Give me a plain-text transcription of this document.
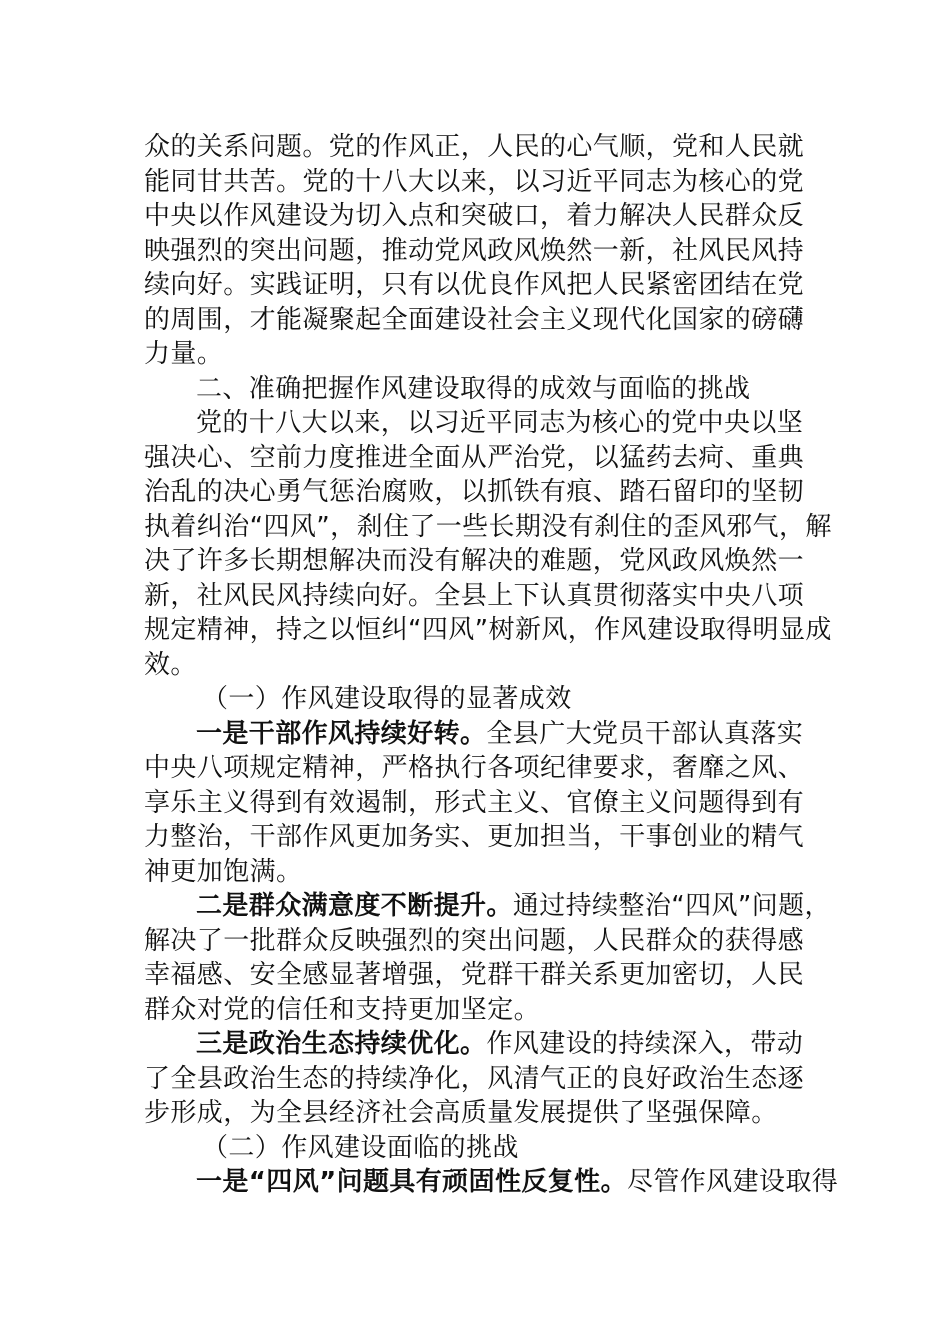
众的关系问题。党的作风正，人民的心气顺，党和人民就
能同甘共苦。党的十八大以来，以习近平同志为核心的党
中央以作风建设为切入点和突破口，着力解决人民群众反
映强烈的突出问题，推动党风政风焕然一新，社风民风持
续向好。实践证明，只有以优良作风把人民紧密团结在党
的周围，才能凝聚起全面建设社会主义现代化国家的磅礴
力量。
二、准确把握作风建设取得的成效与面临的挑战
党的十八大以来，以习近平同志为核心的党中央以坚
强决心、空前力度推进全面从严治党，以猛药去疴、重典
治乱的决心勇气惩治腐败，以抓铁有痕、踏石留印的坚韧
执着纠治“四风”，刹住了一些长期没有刹住的歪风邪气，解
决了许多长期想解决而没有解决的难题，党风政风焕然一
新，社风民风持续向好。全县上下认真贯彻落实中央八项
规定精神，持之以恒纠“四风”树新风，作风建设取得明显成
效。
（一）作风建设取得的显著成效
一是干部作风持续好转。全县广大党员干部认真落实
中央八项规定精神，严格执行各项纪律要求，奢靡之风、
享乐主义得到有效遏制，形式主义、官僚主义问题得到有
力整治，干部作风更加务实、更加担当，干事创业的精气
神更加饱满。
二是群众满意度不断提升。通过持续整治“四风”问题，
解决了一批群众反映强烈的突出问题，人民群众的获得感
幸福感、安全感显著增强，党群干群关系更加密切，人民
群众对党的信任和支持更加坚定。
三是政治生态持续优化。作风建设的持续深入，带动
了全县政治生态的持续净化，风清气正的良好政治生态逐
步形成，为全县经济社会高质量发展提供了坚强保障。
（二）作风建设面临的挑战
一是“四风”问题具有顽固性反复性。尽管作风建设取得
